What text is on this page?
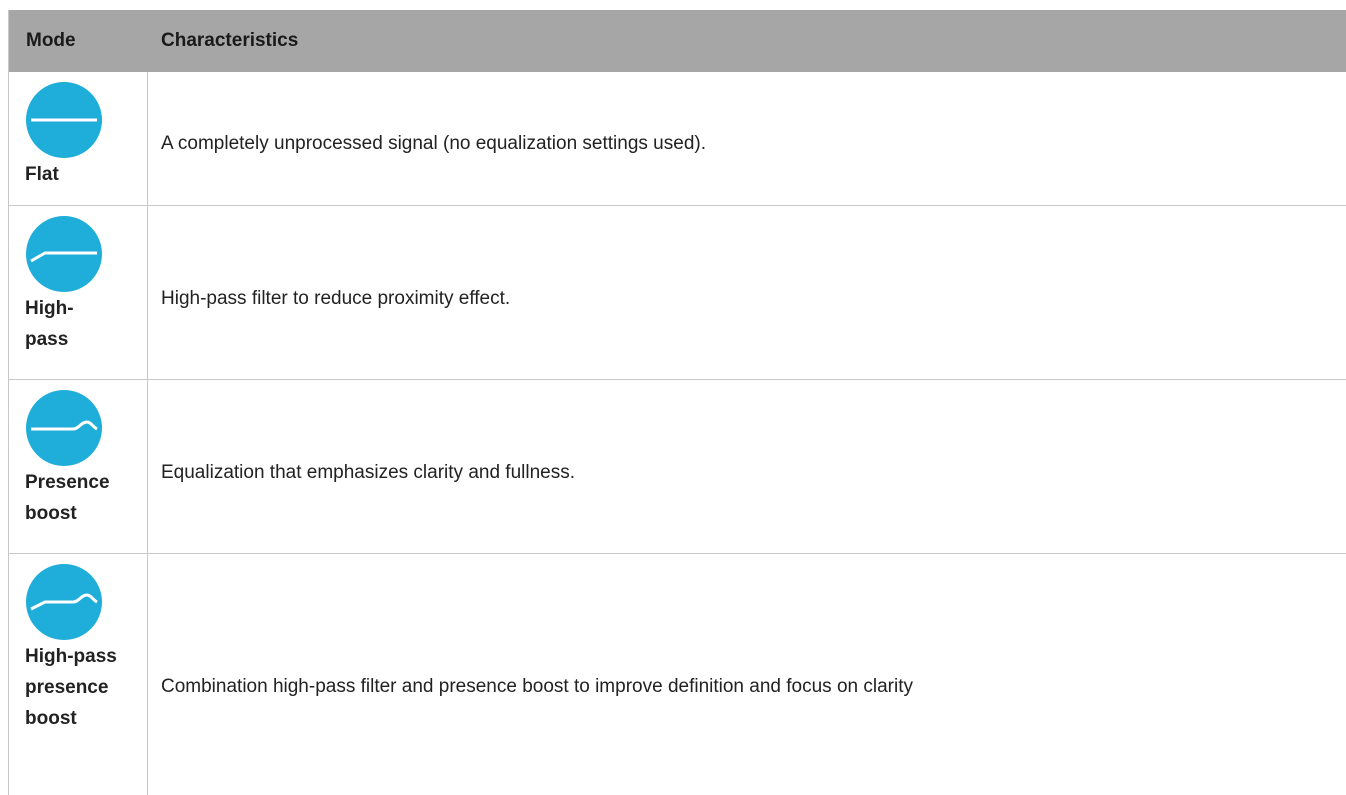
Mode	Characteristics
Flat
A completely unprocessed signal (no equalization settings used).
High-pass
High-pass filter to reduce proximity effect.
Presence boost
Equalization that emphasizes clarity and fullness.
High-pass presence boost
Combination high-pass filter and presence boost to improve definition and focus on clarity
